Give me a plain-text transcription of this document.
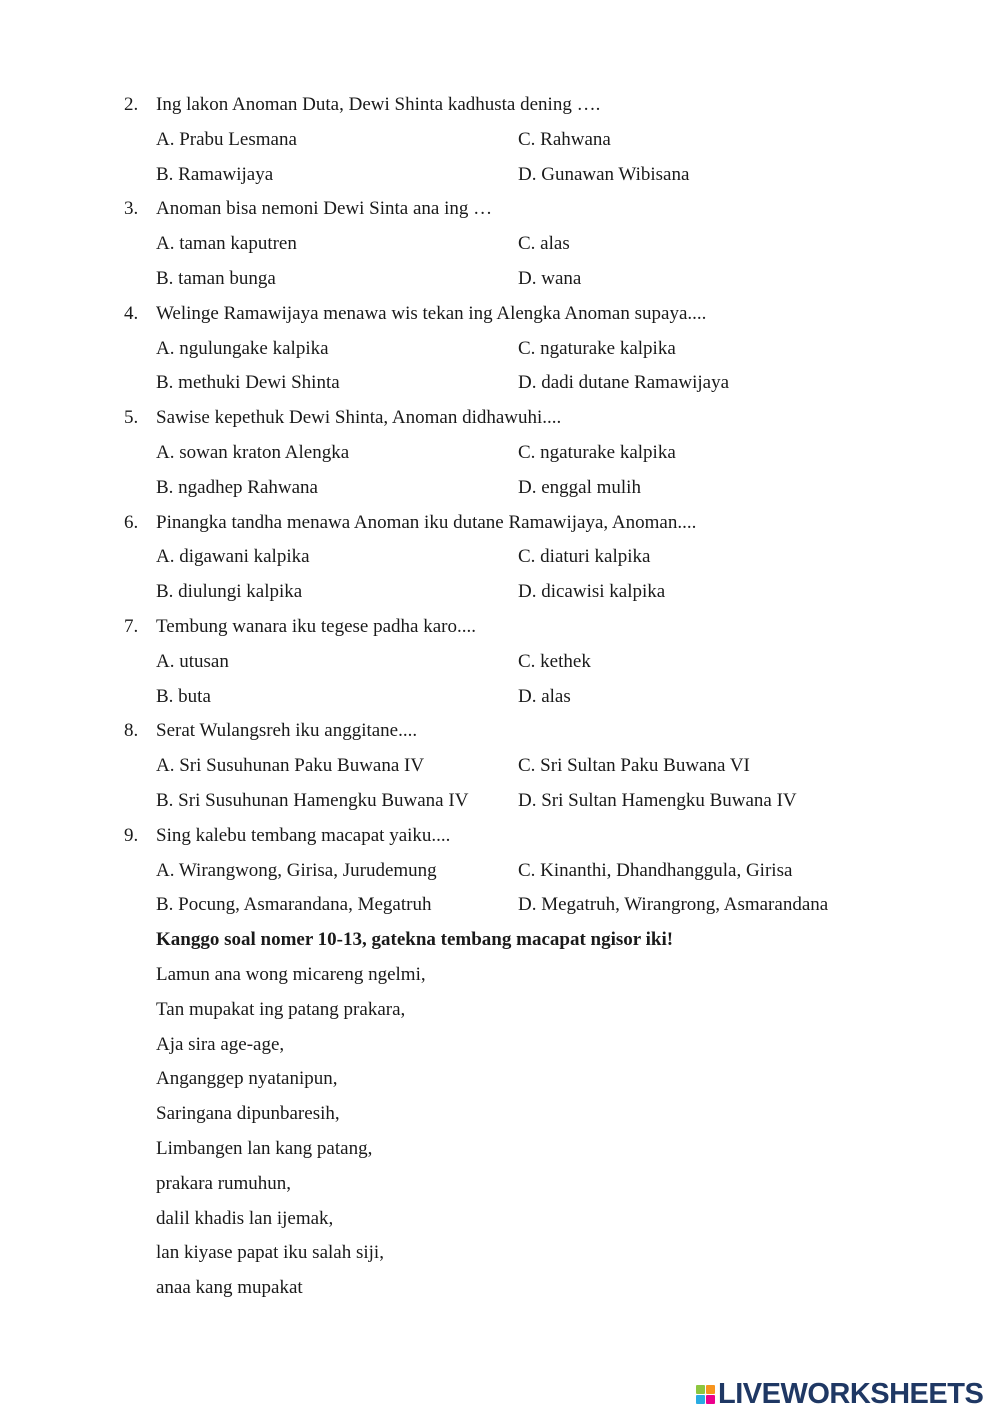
2. Ing lakon Anoman Duta, Dewi Shinta kadhusta dening ….
A. Prabu Lesmana	C. Rahwana
B. Ramawijaya	D. Gunawan Wibisana
3. Anoman bisa nemoni Dewi Sinta ana ing …
A. taman kaputren	C. alas
B. taman bunga	D. wana
4. Welinge Ramawijaya menawa wis tekan ing Alengka Anoman supaya....
A. ngulungake kalpika	C. ngaturake kalpika
B. methuki Dewi Shinta	D. dadi dutane Ramawijaya
5. Sawise kepethuk Dewi Shinta, Anoman didhawuhi....
A. sowan kraton Alengka	C. ngaturake kalpika
B. ngadhep Rahwana	D. enggal mulih
6. Pinangka tandha menawa Anoman iku dutane Ramawijaya, Anoman....
A. digawani kalpika	C. diaturi kalpika
B. diulungi kalpika	D. dicawisi kalpika
7. Tembung wanara iku tegese padha karo....
A. utusan	C. kethek
B. buta	D. alas
8. Serat Wulangsreh iku anggitane....
A. Sri Susuhunan Paku Buwana IV	C. Sri Sultan Paku Buwana VI
B. Sri Susuhunan Hamengku Buwana IV	D. Sri Sultan Hamengku Buwana IV
9. Sing kalebu tembang macapat yaiku....
A. Wirangwong, Girisa, Jurudemung	C. Kinanthi, Dhandhanggula, Girisa
B. Pocung, Asmarandana, Megatruh	D. Megatruh, Wirangrong, Asmarandana
Kanggo soal nomer 10-13, gatekna tembang macapat ngisor iki!
Lamun ana wong micareng ngelmi,
Tan mupakat ing patang prakara,
Aja sira age-age,
Anganggep nyatanipun,
Saringana dipunbaresih,
Limbangen lan kang patang,
prakara rumuhun,
dalil khadis lan ijemak,
lan kiyase papat iku salah siji,
anaa kang mupakat
LIVEWORKSHEETS
